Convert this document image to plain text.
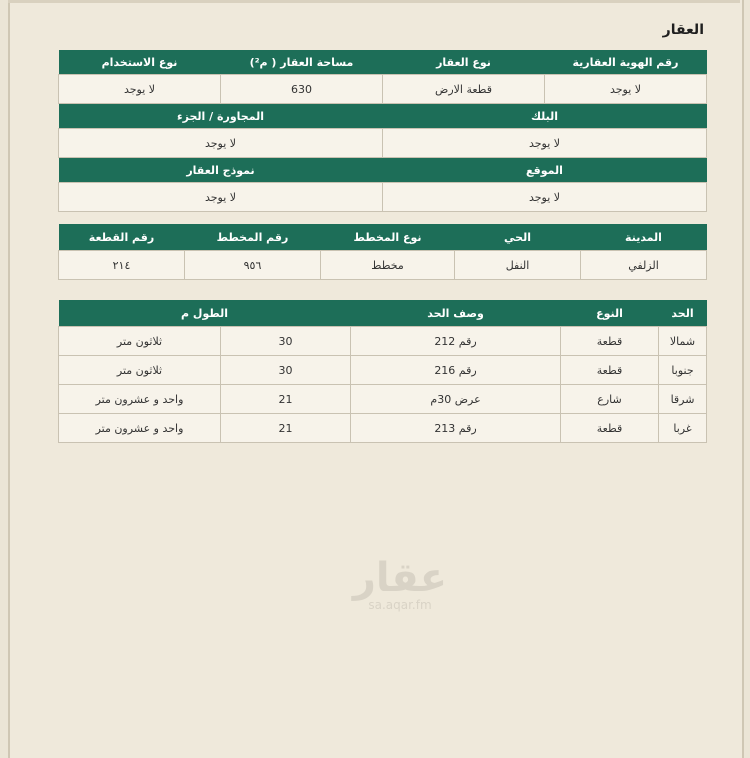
العقار
رقم الهوية العقارية	نوع العقار	مساحة العقار ( م²)	نوع الاستخدام
لا يوجد	قطعة الارض	630	لا يوجد
البلك		المجاورة / الجزء	
لا يوجد		لا يوجد	
الموقع		نموذج العقار	
لا يوجد		لا يوجد	
المدينة	الحي	نوع المخطط	رقم المخطط	رقم القطعة
الزلفي	النفل	مخطط	٩٥٦	٢١٤
الحد	النوع	وصف الحد	الطول م	
شمالا	قطعة	رقم 212	30	ثلاثون متر
جنوبا	قطعة	رقم 216	30	ثلاثون متر
شرقا	شارع	عرض 30م	21	واحد و عشرون متر
غربا	قطعة	رقم 213	21	واحد و عشرون متر
عقار
sa.aqar.fm
